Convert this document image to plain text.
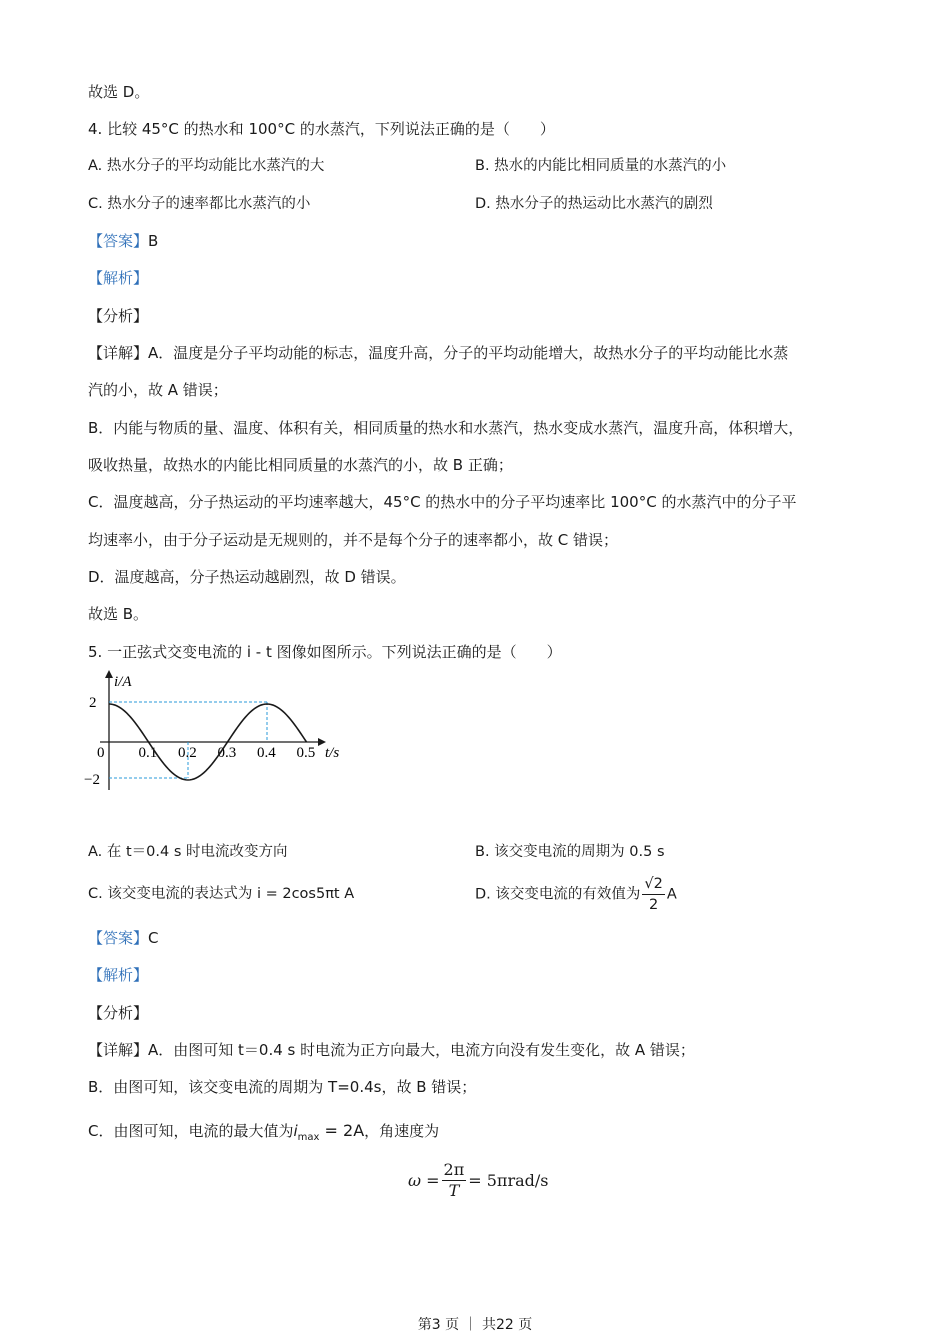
故选 D。
4. 比较 45°C 的热水和 100°C 的水蒸汽，下列说法正确的是（　　）
A. 热水分子的平均动能比水蒸汽的大	B. 热水的内能比相同质量的水蒸汽的小
C. 热水分子的速率都比水蒸汽的小	D. 热水分子的热运动比水蒸汽的剧烈
【答案】B
【解析】
【分析】
【详解】A．温度是分子平均动能的标志，温度升高，分子的平均动能增大，故热水分子的平均动能比水蒸
汽的小，故 A 错误；
B．内能与物质的量、温度、体积有关，相同质量的热水和水蒸汽，热水变成水蒸汽，温度升高，体积增大，
吸收热量，故热水的内能比相同质量的水蒸汽的小，故 B 正确；
C．温度越高，分子热运动的平均速率越大，45°C 的热水中的分子平均速率比 100°C 的水蒸汽中的分子平
均速率小，由于分子运动是无规则的，并不是每个分子的速率都小，故 C 错误；
D．温度越高，分子热运动越剧烈，故 D 错误。
故选 B。
5. 一正弦式交变电流的 i - t 图像如图所示。下列说法正确的是（　　）
i/A
t/s
2
−2
0 0.1 0.2 0.3 0.4 0.5
A. 在 t＝0.4 s 时电流改变方向	B. 该交变电流的周期为 0.5 s
C. 该交变电流的表达式为 i = 2cos5πt A	D. 该交变电流的有效值为 $\frac{√2}{2}$ A
【答案】C
【解析】
【分析】
【详解】A．由图可知 t＝0.4 s 时电流为正方向最大，电流方向没有发生变化，故 A 错误；
B．由图可知，该交变电流的周期为 T=0.4s，故 B 错误；
C．由图可知，电流的最大值为$i_{max} = 2A$，角速度为
$\omega = \frac{2\pi}{T} = 5\pi rad/s$
第3 页 ｜ 共22 页
